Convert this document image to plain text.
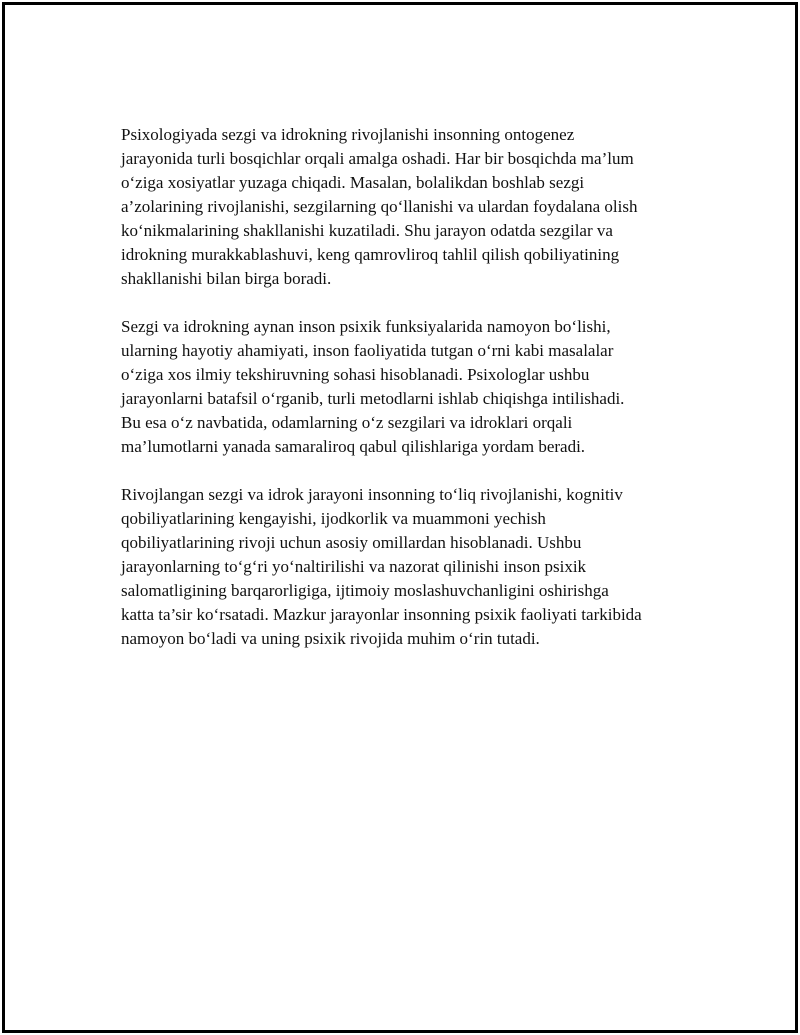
Psixologiyada sezgi va idrokning rivojlanishi insonning ontogenez
jarayonida turli bosqichlar orqali amalga oshadi. Har bir bosqichda ma’lum
o‘ziga xosiyatlar yuzaga chiqadi. Masalan, bolalikdan boshlab sezgi
a’zolarining rivojlanishi, sezgilarning qo‘llanishi va ulardan foydalana olish
ko‘nikmalarining shakllanishi kuzatiladi. Shu jarayon odatda sezgilar va
idrokning murakkablashuvi, keng qamrovliroq tahlil qilish qobiliyatining
shakllanishi bilan birga boradi.

Sezgi va idrokning aynan inson psixik funksiyalarida namoyon bo‘lishi,
ularning hayotiy ahamiyati, inson faoliyatida tutgan o‘rni kabi masalalar
o‘ziga xos ilmiy tekshiruvning sohasi hisoblanadi. Psixologlar ushbu
jarayonlarni batafsil o‘rganib, turli metodlarni ishlab chiqishga intilishadi.
Bu esa o‘z navbatida, odamlarning o‘z sezgilari va idroklari orqali
ma’lumotlarni yanada samaraliroq qabul qilishlariga yordam beradi.

Rivojlangan sezgi va idrok jarayoni insonning to‘liq rivojlanishi, kognitiv
qobiliyatlarining kengayishi, ijodkorlik va muammoni yechish
qobiliyatlarining rivoji uchun asosiy omillardan hisoblanadi. Ushbu
jarayonlarning to‘g‘ri yo‘naltirilishi va nazorat qilinishi inson psixik
salomatligining barqarorligiga, ijtimoiy moslashuvchanligini oshirishga
katta ta’sir ko‘rsatadi. Mazkur jarayonlar insonning psixik faoliyati tarkibida
namoyon bo‘ladi va uning psixik rivojida muhim o‘rin tutadi.
